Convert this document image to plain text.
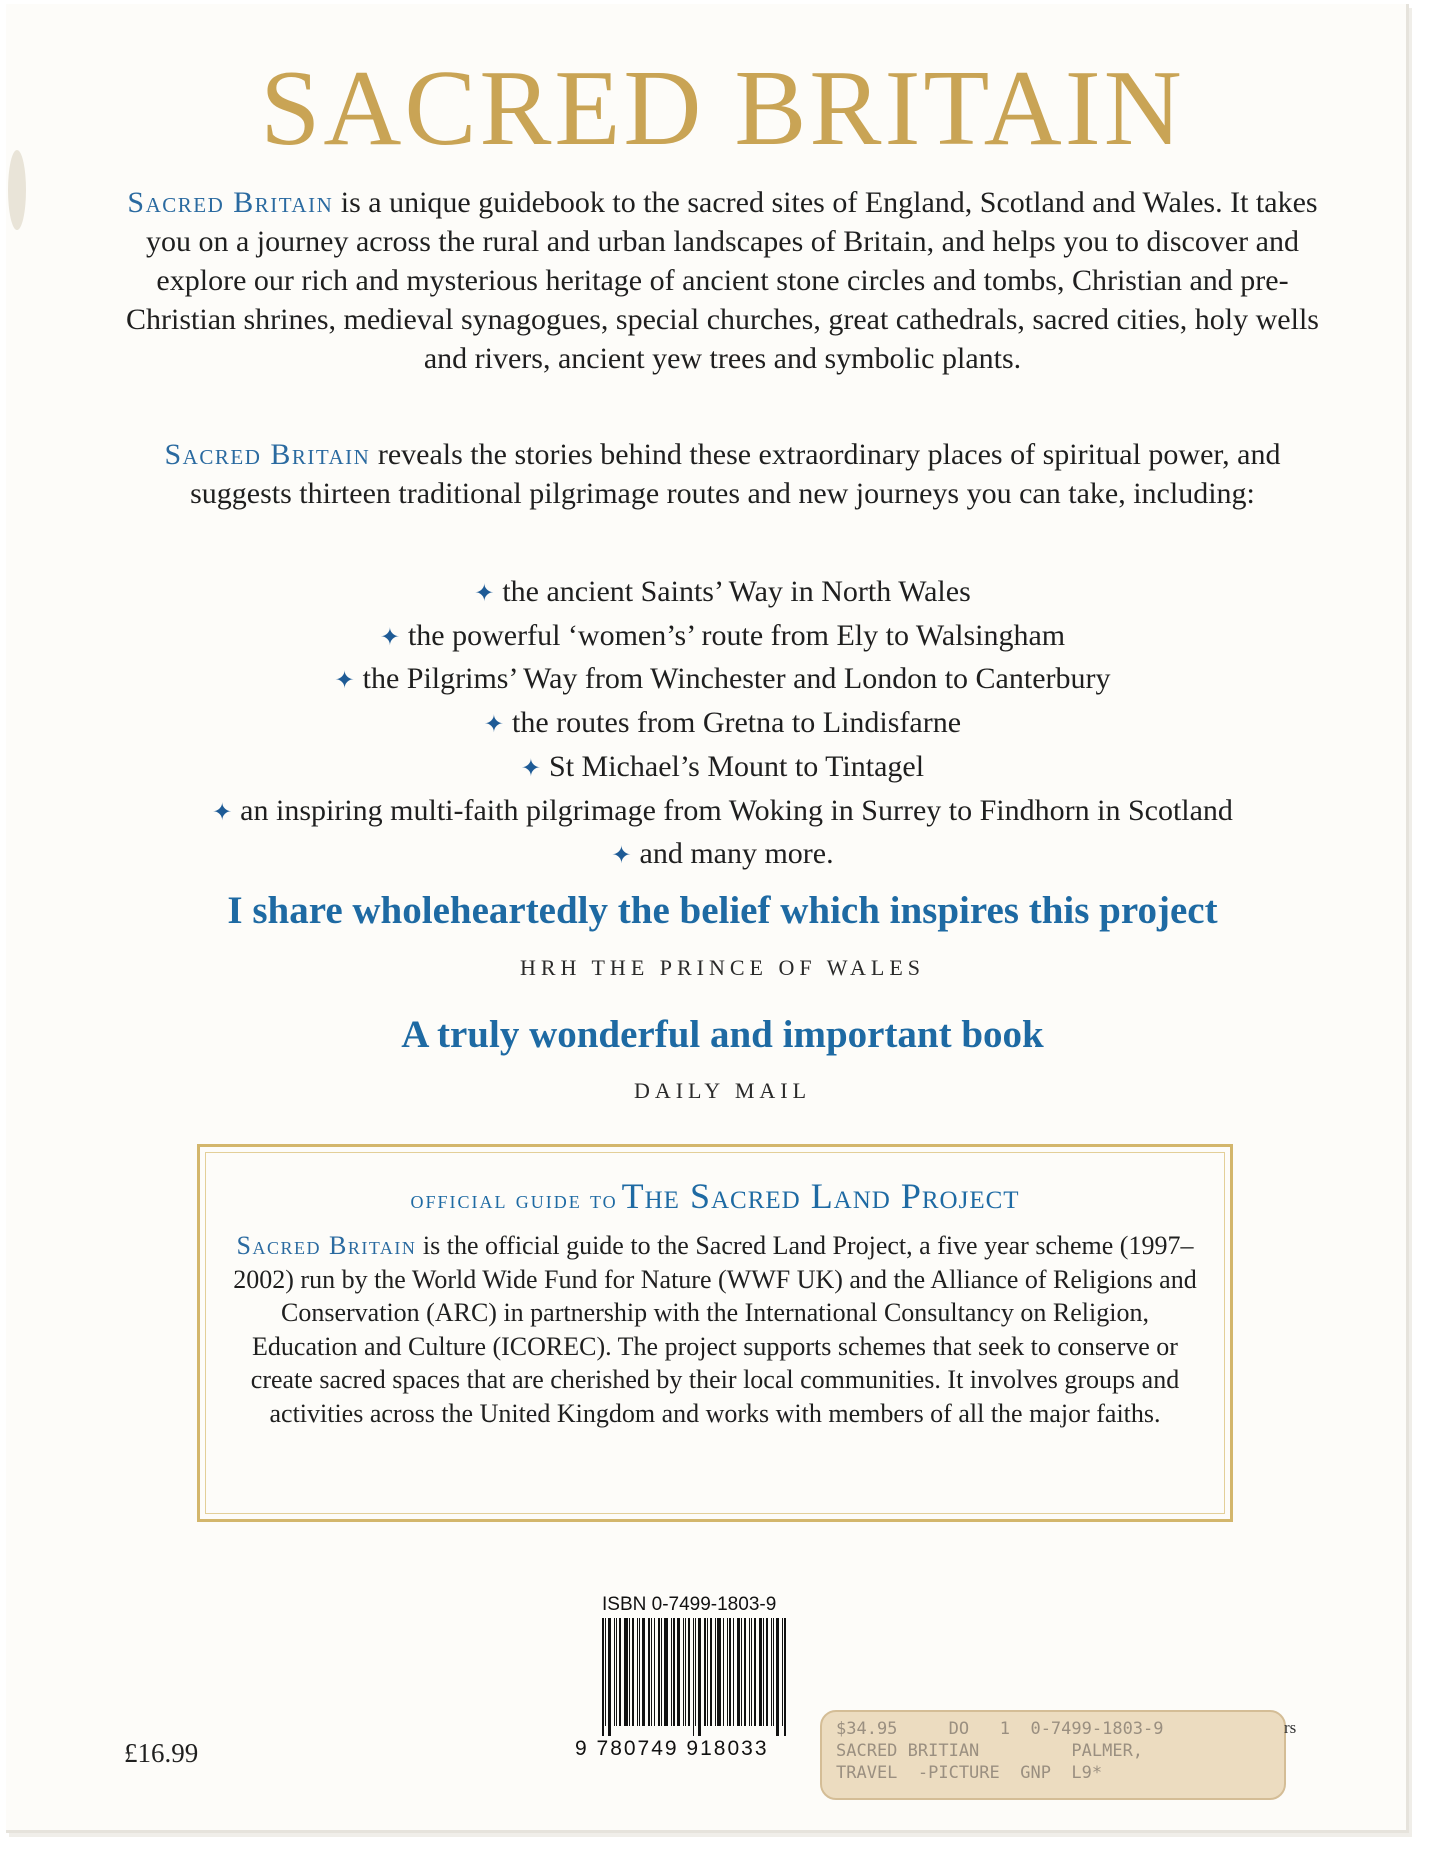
SACRED BRITAIN
Sacred Britain is a unique guidebook to the sacred sites of England, Scotland and Wales. It takes you on a journey across the rural and urban landscapes of Britain, and helps you to discover and explore our rich and mysterious heritage of ancient stone circles and tombs, Christian and pre-Christian shrines, medieval synagogues, special churches, great cathedrals, sacred cities, holy wells and rivers, ancient yew trees and symbolic plants.
Sacred Britain reveals the stories behind these extraordinary places of spiritual power, and suggests thirteen traditional pilgrimage routes and new journeys you can take, including:
✦ the ancient Saints’ Way in North Wales
✦ the powerful ‘women’s’ route from Ely to Walsingham
✦ the Pilgrims’ Way from Winchester and London to Canterbury
✦ the routes from Gretna to Lindisfarne
✦ St Michael’s Mount to Tintagel
✦ an inspiring multi-faith pilgrimage from Woking in Surrey to Findhorn in Scotland
✦ and many more.
I share wholeheartedly the belief which inspires this project
HRH THE PRINCE OF WALES
A truly wonderful and important book
DAILY MAIL
official guide to The Sacred Land Project
Sacred Britain is the official guide to the Sacred Land Project, a five year scheme (1997–2002) run by the World Wide Fund for Nature (WWF UK) and the Alliance of Religions and Conservation (ARC) in partnership with the International Consultancy on Religion, Education and Culture (ICOREC). The project supports schemes that seek to conserve or create sacred spaces that are cherished by their local communities. It involves groups and activities across the United Kingdom and works with members of all the major faiths.
ISBN 0-7499-1803-9
9 780749 918033
£16.99
$34.95     DO   1  0-7499-1803-9
SACRED BRITIAN         PALMER,
TRAVEL  -PICTURE  GNP  L9*
rs
